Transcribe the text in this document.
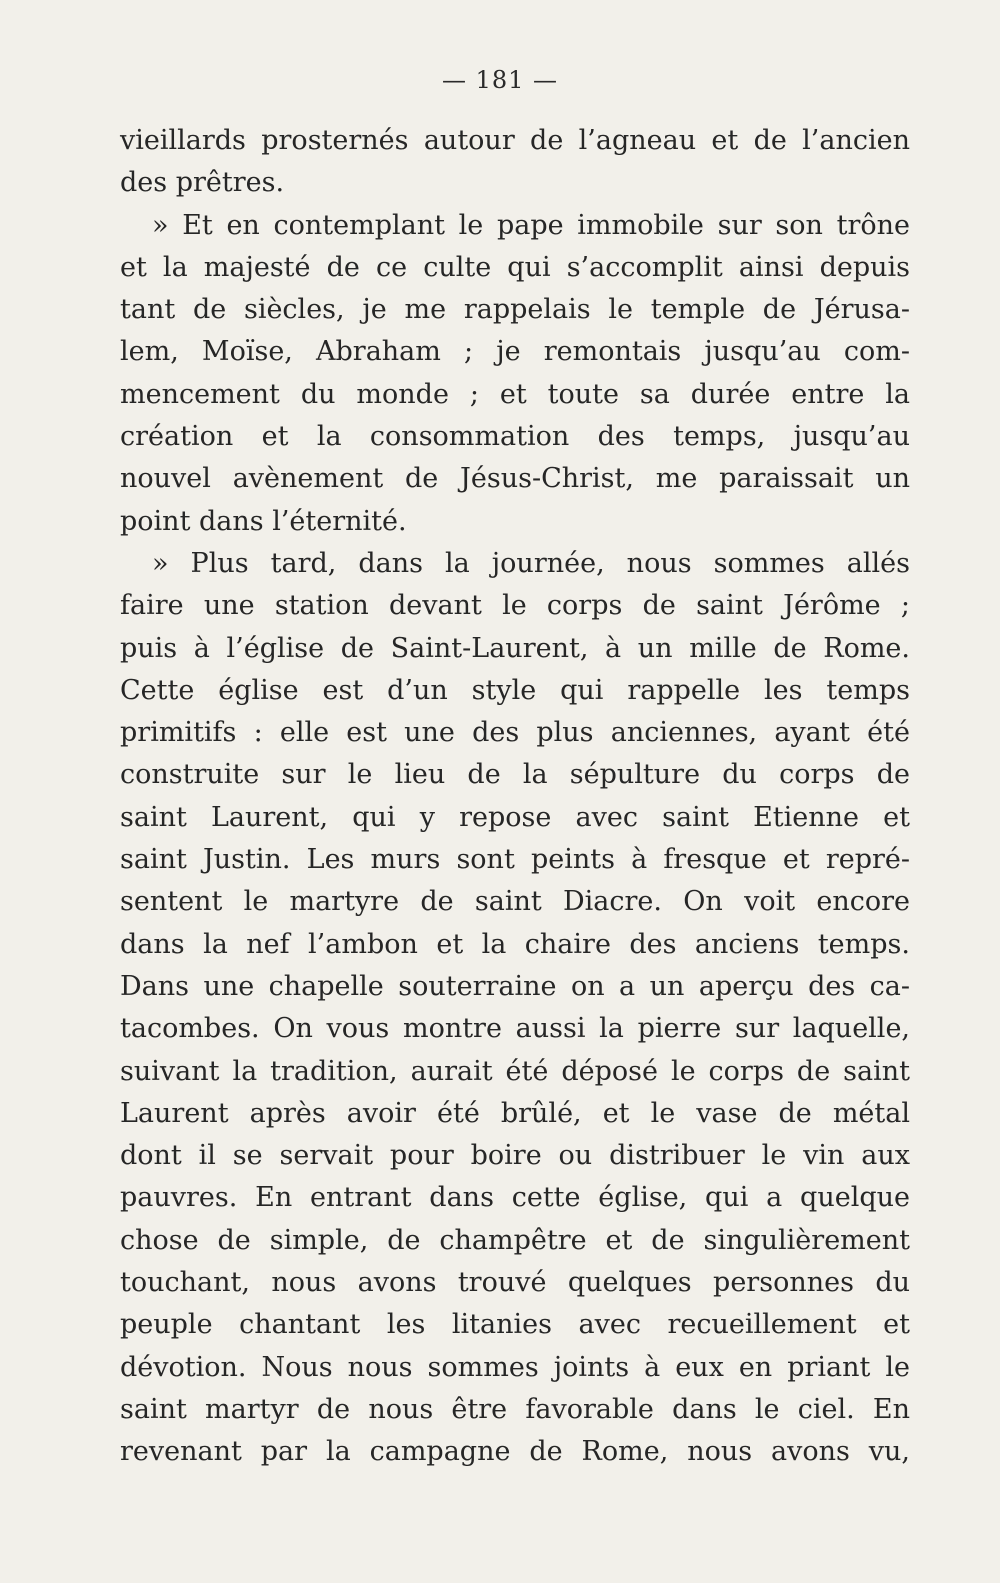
— 181 —
vieillards prosternés autour de l’agneau et de l’ancien
des prêtres.
» Et en contemplant le pape immobile sur son trône
et la majesté de ce culte qui s’accomplit ainsi depuis
tant de siècles, je me rappelais le temple de Jérusa-
lem, Moïse, Abraham ; je remontais jusqu’au com-
mencement du monde ; et toute sa durée entre la
création et la consommation des temps, jusqu’au
nouvel avènement de Jésus-Christ, me paraissait un
point dans l’éternité.
» Plus tard, dans la journée, nous sommes allés
faire une station devant le corps de saint Jérôme ;
puis à l’église de Saint-Laurent, à un mille de Rome.
Cette église est d’un style qui rappelle les temps
primitifs : elle est une des plus anciennes, ayant été
construite sur le lieu de la sépulture du corps de
saint Laurent, qui y repose avec saint Etienne et
saint Justin. Les murs sont peints à fresque et repré-
sentent le martyre de saint Diacre. On voit encore
dans la nef l’ambon et la chaire des anciens temps.
Dans une chapelle souterraine on a un aperçu des ca-
tacombes. On vous montre aussi la pierre sur laquelle,
suivant la tradition, aurait été déposé le corps de saint
Laurent après avoir été brûlé, et le vase de métal
dont il se servait pour boire ou distribuer le vin aux
pauvres. En entrant dans cette église, qui a quelque
chose de simple, de champêtre et de singulièrement
touchant, nous avons trouvé quelques personnes du
peuple chantant les litanies avec recueillement et
dévotion. Nous nous sommes joints à eux en priant le
saint martyr de nous être favorable dans le ciel. En
revenant par la campagne de Rome, nous avons vu,
